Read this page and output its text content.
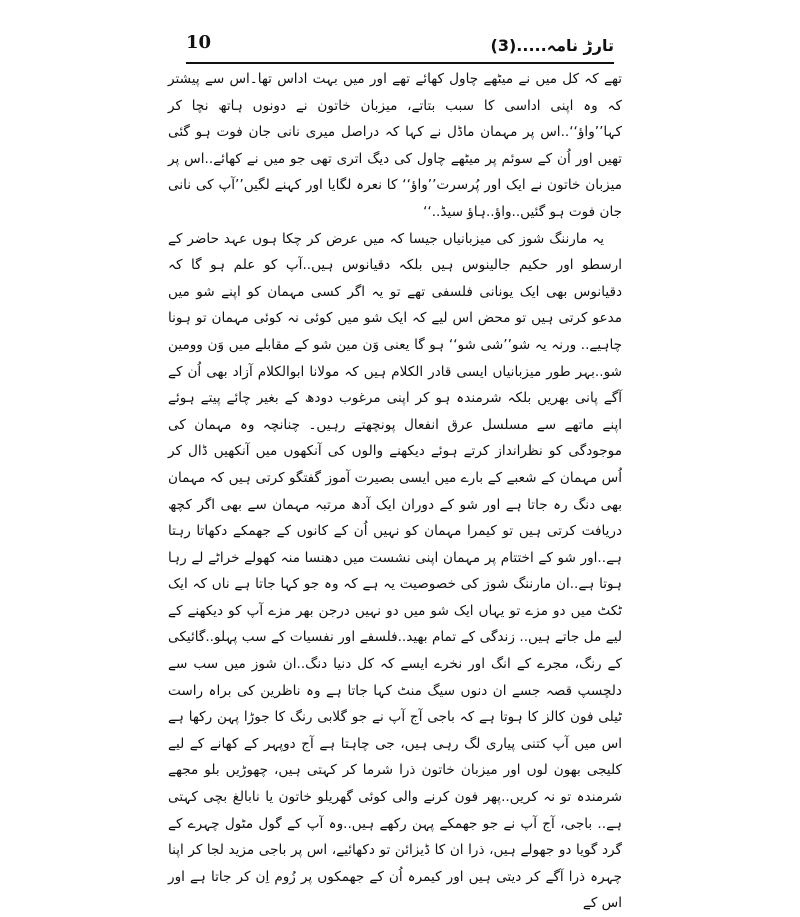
10	تارڑ نامہ.....(3)

تھے کہ کل میں نے میٹھے چاول کھائے تھے اور میں بہت اداس تھا۔اس سے پیشتر کہ وہ اپنی اداسی کا سبب بتاتے، میزبان خاتون نے دونوں ہاتھ نچا کر کہا’’واؤ‘‘..اس پر مہمان ماڈل نے کہا کہ دراصل میری نانی جان فوت ہو گئی تھیں اور اُن کے سوئم پر میٹھے چاول کی دیگ اتری تھی جو میں نے کھائے..اس پر میزبان خاتون نے ایک اور پُرسرت’’واؤ‘‘ کا نعرہ لگایا اور کہنے لگیں’’آپ کی نانی جان فوت ہو گئیں..واؤ..ہاؤ سیڈ..‘‘

یہ مارننگ شوز کی میزبانیاں جیسا کہ میں عرض کر چکا ہوں عہد حاضر کے ارسطو اور حکیم جالینوس ہیں بلکہ دقیانوس ہیں..آپ کو علم ہو گا کہ دقیانوس بھی ایک یونانی فلسفی تھے تو یہ اگر کسی مہمان کو اپنے شو میں مدعو کرتی ہیں تو محض اس لیے کہ ایک شو میں کوئی نہ کوئی مہمان تو ہونا چاہیے.. ورنہ یہ شو’’شی شو‘‘ ہو گا یعنی وَن مین شو کے مقابلے میں وَن وومین شو..بہر طور میزبانیاں ایسی قادر الکلام ہیں کہ مولانا ابوالکلام آزاد بھی اُن کے آگے پانی بھریں بلکہ شرمندہ ہو کر اپنی مرغوب دودھ کے بغیر چائے پیتے ہوئے اپنے ماتھے سے مسلسل عرق انفعال پونچھتے رہیں۔ چنانچہ وہ مہمان کی موجودگی کو نظرانداز کرتے ہوئے دیکھنے والوں کی آنکھوں میں آنکھیں ڈال کر اُس مہمان کے شعبے کے بارے میں ایسی بصیرت آموز گفتگو کرتی ہیں کہ مہمان بھی دنگ رہ جاتا ہے اور شو کے دوران ایک آدھ مرتبہ مہمان سے بھی اگر کچھ دریافت کرتی ہیں تو کیمرا مہمان کو نہیں اُن کے کانوں کے جھمکے دکھاتا رہتا ہے..اور شو کے اختتام پر مہمان اپنی نشست میں دھنسا منہ کھولے خراٹے لے رہا ہوتا ہے..ان مارننگ شوز کی خصوصیت یہ ہے کہ وہ جو کہا جاتا ہے ناں کہ ایک ٹکٹ میں دو مزے تو یہاں ایک شو میں دو نہیں درجن بھر مزے آپ کو دیکھنے کے لیے مل جاتے ہیں.. زندگی کے تمام بھید..فلسفے اور نفسیات کے سب پہلو..گائیکی کے رنگ، مجرے کے انگ اور نخرے ایسے کہ کل دنیا دنگ..ان شوز میں سب سے دلچسپ قصہ جسے ان دنوں سیگ منٹ کہا جاتا ہے وہ ناظرین کی براہ راست ٹیلی فون کالز کا ہوتا ہے کہ باجی آج آپ نے جو گلابی رنگ کا جوڑا پہن رکھا ہے اس میں آپ کتنی پیاری لگ رہی ہیں، جی چاہتا ہے آج دوپہر کے کھانے کے لیے کلیجی بھون لوں اور میزبان خاتون ذرا شرما کر کہتی ہیں، چھوڑیں بلو مجھے شرمندہ تو نہ کریں..پھر فون کرنے والی کوئی گھریلو خاتون یا نابالغ بچی کہتی ہے.. باجی، آج آپ نے جو جھمکے پہن رکھے ہیں..وہ آپ کے گول مٹول چہرے کے گرد گویا دو جھولے ہیں، ذرا ان کا ڈیزائن تو دکھائیے، اس پر باجی مزید لجا کر اپنا چہرہ ذرا آگے کر دیتی ہیں اور کیمرہ اُن کے جھمکوں پر زُوم اِن کر جاتا ہے اور اس کے
